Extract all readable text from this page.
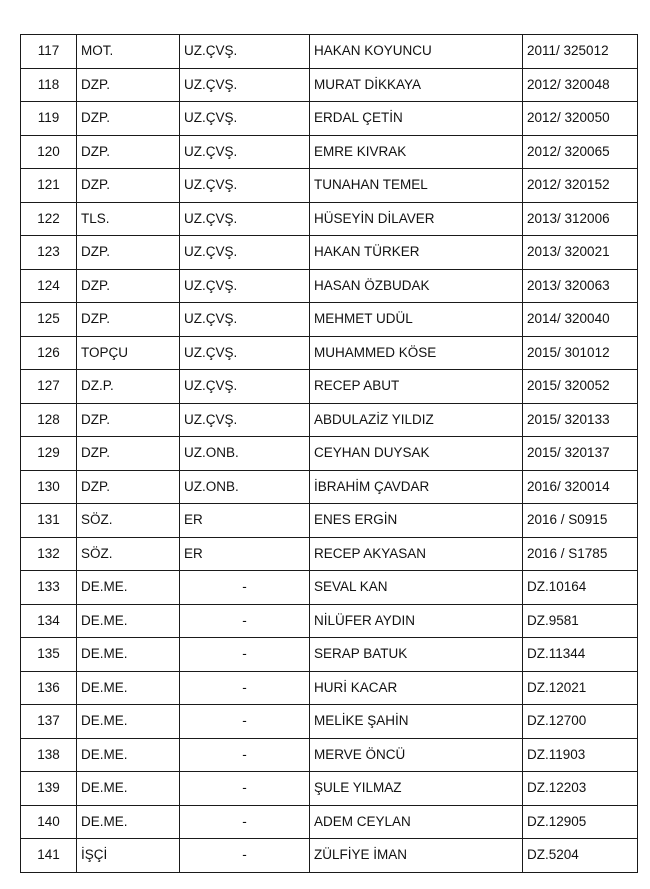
117	MOT.	UZ.ÇVŞ.	HAKAN KOYUNCU	2011/ 325012
118	DZP.	UZ.ÇVŞ.	MURAT DİKKAYA	2012/ 320048
119	DZP.	UZ.ÇVŞ.	ERDAL ÇETİN	2012/ 320050
120	DZP.	UZ.ÇVŞ.	EMRE KIVRAK	2012/ 320065
121	DZP.	UZ.ÇVŞ.	TUNAHAN TEMEL	2012/ 320152
122	TLS.	UZ.ÇVŞ.	HÜSEYİN DİLAVER	2013/ 312006
123	DZP.	UZ.ÇVŞ.	HAKAN TÜRKER	2013/ 320021
124	DZP.	UZ.ÇVŞ.	HASAN ÖZBUDAK	2013/ 320063
125	DZP.	UZ.ÇVŞ.	MEHMET UDÜL	2014/ 320040
126	TOPÇU	UZ.ÇVŞ.	MUHAMMED KÖSE	2015/ 301012
127	DZ.P.	UZ.ÇVŞ.	RECEP ABUT	2015/ 320052
128	DZP.	UZ.ÇVŞ.	ABDULAZİZ YILDIZ	2015/ 320133
129	DZP.	UZ.ONB.	CEYHAN DUYSAK	2015/ 320137
130	DZP.	UZ.ONB.	İBRAHİM ÇAVDAR	2016/ 320014
131	SÖZ.	ER	ENES ERGİN	2016 / S0915
132	SÖZ.	ER	RECEP AKYASAN	2016 / S1785
133	DE.ME.	-	SEVAL KAN	DZ.10164
134	DE.ME.	-	NİLÜFER AYDIN	DZ.9581
135	DE.ME.	-	SERAP BATUK	DZ.11344
136	DE.ME.	-	HURİ KACAR	DZ.12021
137	DE.ME.	-	MELİKE ŞAHİN	DZ.12700
138	DE.ME.	-	MERVE ÖNCÜ	DZ.11903
139	DE.ME.	-	ŞULE YILMAZ	DZ.12203
140	DE.ME.	-	ADEM CEYLAN	DZ.12905
141	İŞÇİ	-	ZÜLFİYE İMAN	DZ.5204
